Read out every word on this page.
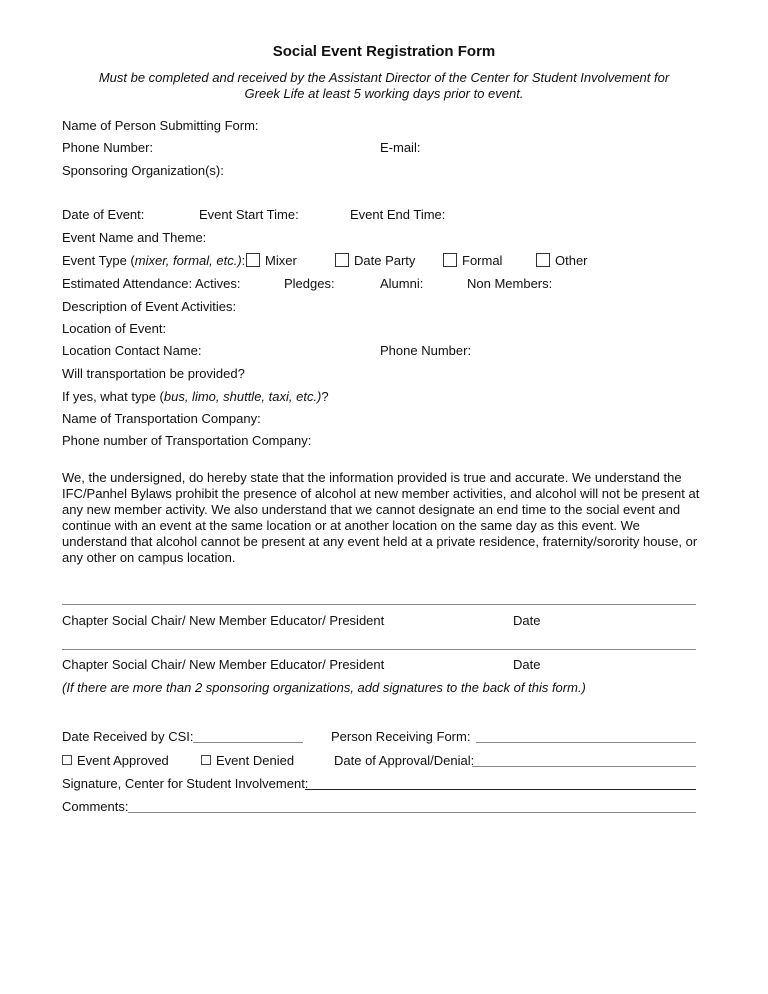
Social Event Registration Form
Must be completed and received by the Assistant Director of the Center for Student Involvement for Greek Life at least 5 working days prior to event.
Name of Person Submitting Form:
Phone Number:	E-mail:
Sponsoring Organization(s):
Date of Event:	Event Start Time:	Event End Time:
Event Name and Theme:
Event Type (mixer, formal, etc.):	Mixer	Date Party	Formal	Other
Estimated Attendance: Actives:	Pledges:	Alumni:	Non Members:
Description of Event Activities:
Location of Event:
Location Contact Name:	Phone Number:
Will transportation be provided?
If yes, what type (bus, limo, shuttle, taxi, etc.)?
Name of Transportation Company:
Phone number of Transportation Company:
We, the undersigned, do hereby state that the information provided is true and accurate. We understand the IFC/Panhel Bylaws prohibit the presence of alcohol at new member activities, and alcohol will not be present at any new member activity. We also understand that we cannot designate an end time to the social event and continue with an event at the same location or at another location on the same day as this event. We understand that alcohol cannot be present at any event held at a private residence, fraternity/sorority house, or any other on campus location.
Chapter Social Chair/ New Member Educator/ President	Date
Chapter Social Chair/ New Member Educator/ President	Date
(If there are more than 2 sponsoring organizations, add signatures to the back of this form.)
Date Received by CSI:	Person Receiving Form:
Event Approved	Event Denied	Date of Approval/Denial:
Signature, Center for Student Involvement:
Comments:
